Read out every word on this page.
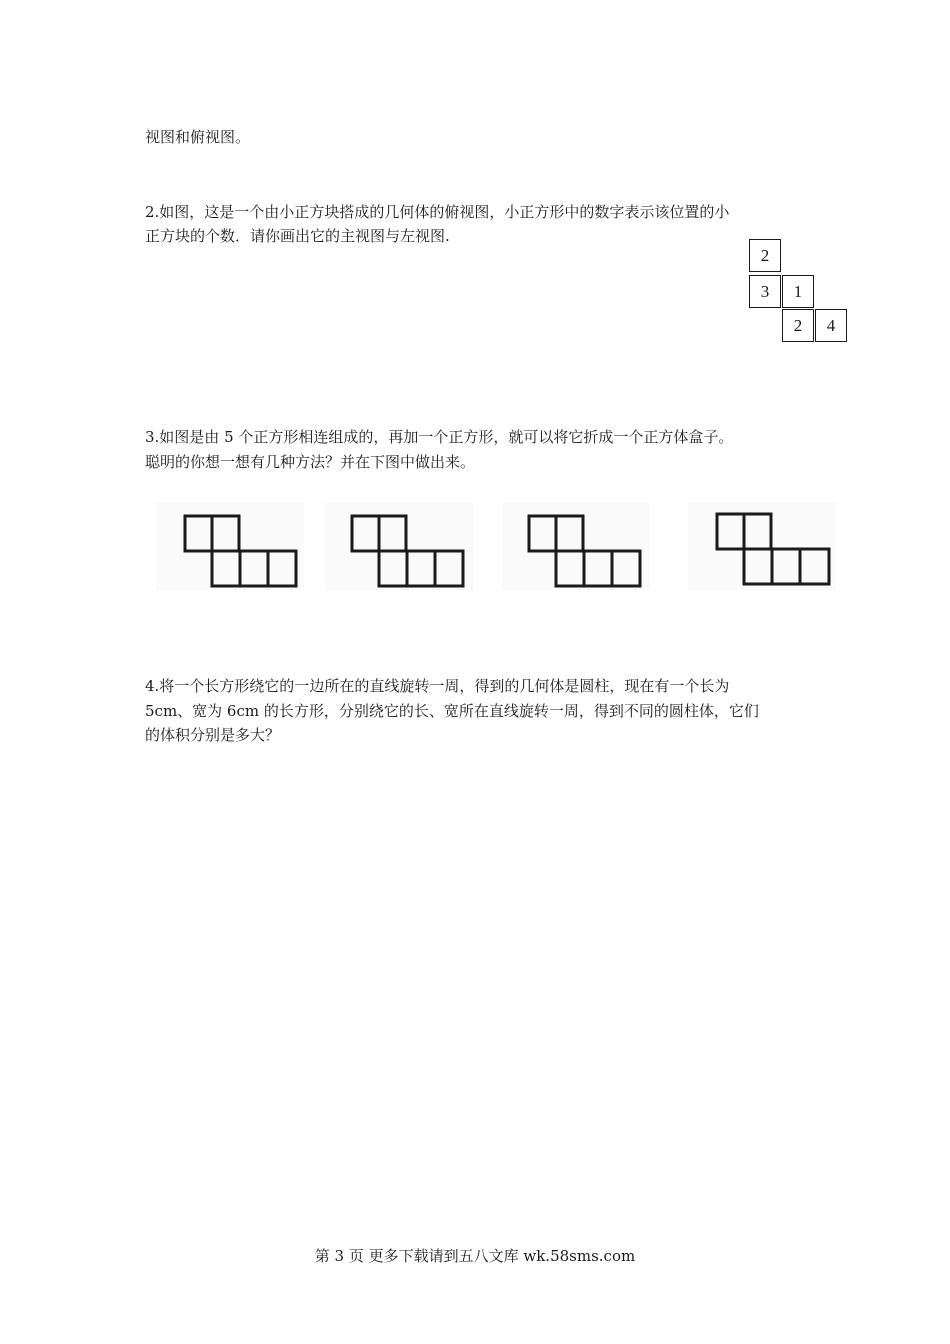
视图和俯视图。
2.如图，这是一个由小正方块搭成的几何体的俯视图，小正方形中的数字表示该位置的小
正方块的个数．请你画出它的主视图与左视图.
2
3	1
2	4
3.如图是由 5 个正方形相连组成的，再加一个正方形，就可以将它折成一个正方体盒子。
聪明的你想一想有几种方法？并在下图中做出来。
4.将一个长方形绕它的一边所在的直线旋转一周，得到的几何体是圆柱，现在有一个长为
5cm、宽为 6cm 的长方形，分别绕它的长、宽所在直线旋转一周，得到不同的圆柱体，它们
的体积分别是多大？
第 3 页 更多下载请到五八文库 wk.58sms.com
